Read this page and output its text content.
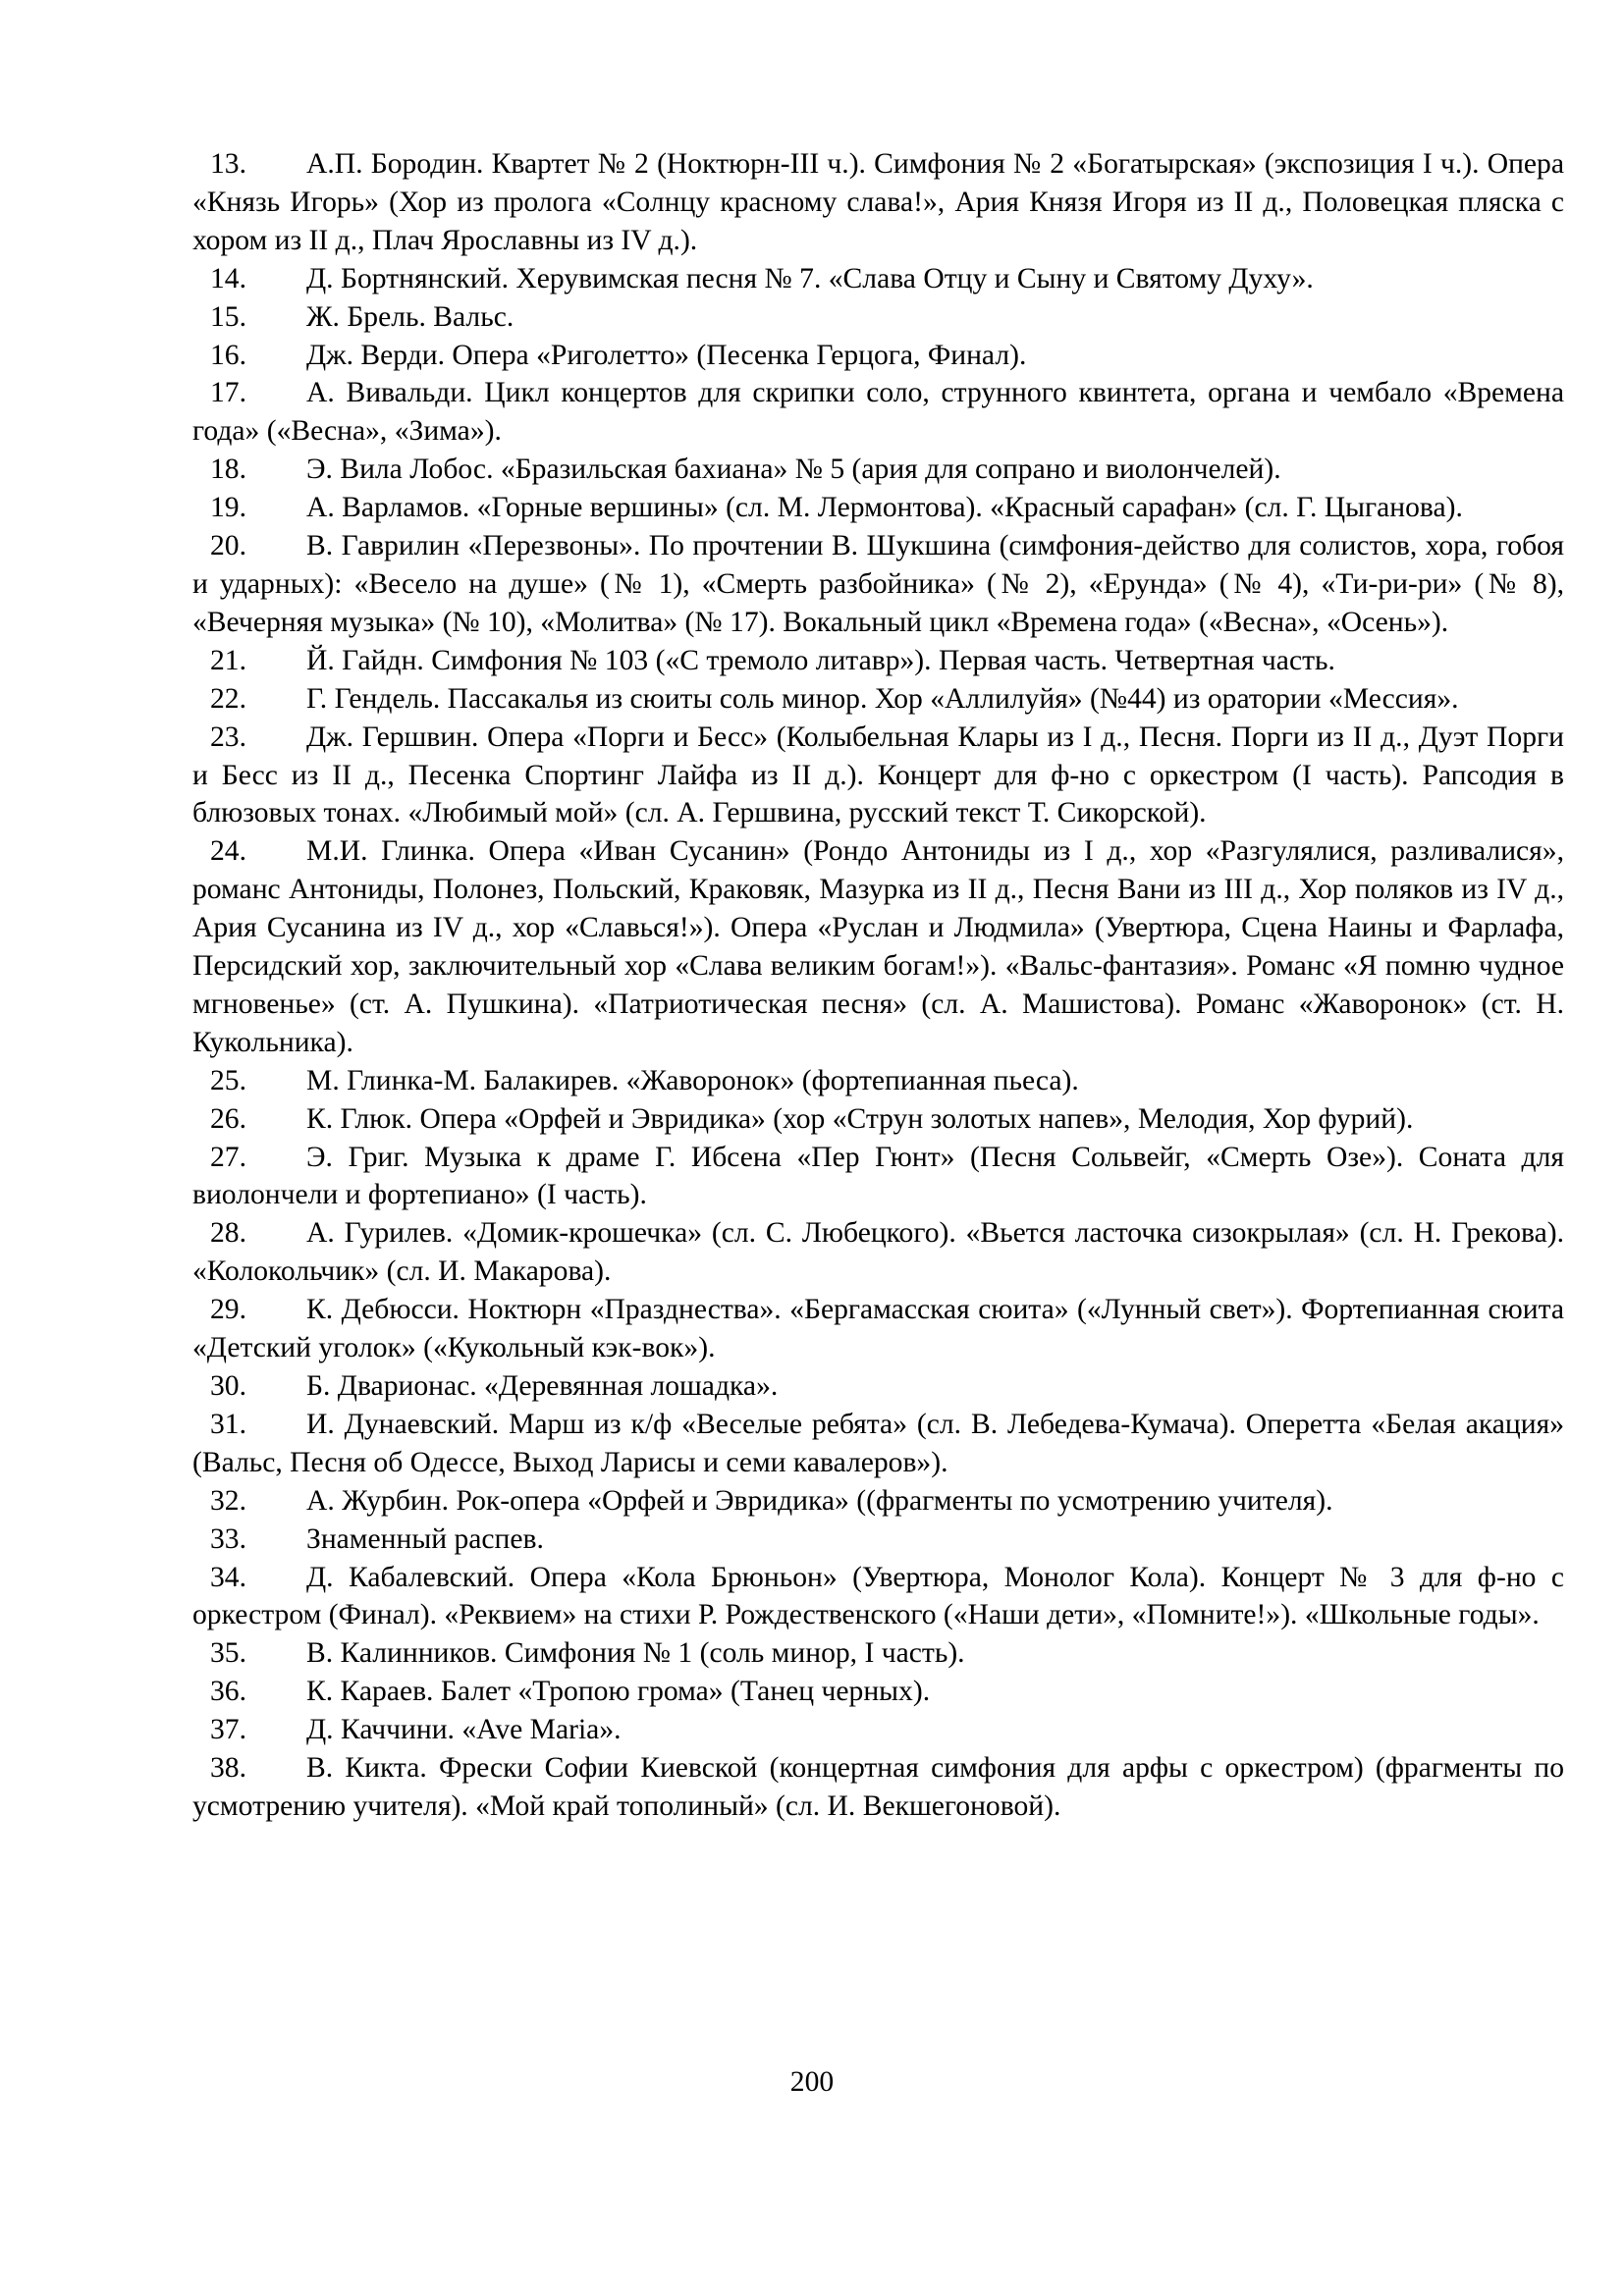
13. А.П. Бородин. Квартет № 2 (Ноктюрн-III ч.). Симфония № 2 «Богатырская» (экспозиция I ч.). Опера «Князь Игорь» (Хор из пролога «Солнцу красному слава!», Ария Князя Игоря из II д., Половецкая пляска с хором из II д., Плач Ярославны из IV д.).

14. Д. Бортнянский. Херувимская песня № 7. «Слава Отцу и Сыну и Святому Духу».

15. Ж. Брель. Вальс.

16. Дж. Верди. Опера «Риголетто» (Песенка Герцога, Финал).

17. А. Вивальди. Цикл концертов для скрипки соло, струнного квинтета, органа и чембало «Времена года» («Весна», «Зима»).

18. Э. Вила Лобос. «Бразильская бахиана» № 5 (ария для сопрано и виолончелей).

19. А. Варламов. «Горные вершины» (сл. М. Лермонтова). «Красный сарафан» (сл. Г. Цыганова).

20. В. Гаврилин «Перезвоны». По прочтении В. Шукшина (симфония-действо для солистов, хора, гобоя и ударных): «Весело на душе» (№ 1), «Смерть разбойника» (№ 2), «Ерунда» (№ 4), «Ти-ри-ри» (№ 8), «Вечерняя музыка» (№ 10), «Молитва» (№ 17). Вокальный цикл «Времена года» («Весна», «Осень»).

21. Й. Гайдн. Симфония № 103 («С тремоло литавр»). Первая часть. Четвертная часть.

22. Г. Гендель. Пассакалья из сюиты соль минор. Хор «Аллилуйя» (№44) из оратории «Мессия».

23. Дж. Гершвин. Опера «Порги и Бесс» (Колыбельная Клары из I д., Песня. Порги из II д., Дуэт Порги и Бесс из II д., Песенка Спортинг Лайфа из II д.). Концерт для ф-но с оркестром (I часть). Рапсодия в блюзовых тонах. «Любимый мой» (сл. А. Гершвина, русский текст Т. Сикорской).

24. М.И. Глинка. Опера «Иван Сусанин» (Рондо Антониды из I д., хор «Разгулялися, разливалися», романс Антониды, Полонез, Польский, Краковяк, Мазурка из II д., Песня Вани из III д., Хор поляков из IV д., Ария Сусанина из IV д., хор «Славься!»). Опера «Руслан и Людмила» (Увертюра, Сцена Наины и Фарлафа, Персидский хор, заключительный хор «Слава великим богам!»). «Вальс-фантазия». Романс «Я помню чудное мгновенье» (ст. А. Пушкина). «Патриотическая песня» (сл. А. Машистова). Романс «Жаворонок» (ст. Н. Кукольника).

25. М. Глинка-М. Балакирев. «Жаворонок» (фортепианная пьеса).

26. К. Глюк. Опера «Орфей и Эвридика» (хор «Струн золотых напев», Мелодия, Хор фурий).

27. Э. Григ. Музыка к драме Г. Ибсена «Пер Гюнт» (Песня Сольвейг, «Смерть Озе»). Соната для виолончели и фортепиано» (I часть).

28. А. Гурилев. «Домик-крошечка» (сл. С. Любецкого). «Вьется ласточка сизокрылая» (сл. Н. Грекова). «Колокольчик» (сл. И. Макарова).

29. К. Дебюсси. Ноктюрн «Празднества». «Бергамасская сюита» («Лунный свет»). Фортепианная сюита «Детский уголок» («Кукольный кэк-вок»).

30. Б. Дварионас. «Деревянная лошадка».

31. И. Дунаевский. Марш из к/ф «Веселые ребята» (сл. В. Лебедева-Кумача). Оперетта «Белая акация» (Вальс, Песня об Одессе, Выход Ларисы и семи кавалеров»).

32. А. Журбин. Рок-опера «Орфей и Эвридика» ((фрагменты по усмотрению учителя).

33. Знаменный распев.

34. Д. Кабалевский. Опера «Кола Брюньон» (Увертюра, Монолог Кола). Концерт № 3 для ф-но с оркестром (Финал). «Реквием» на стихи Р. Рождественского («Наши дети», «Помните!»). «Школьные годы».

35. В. Калинников. Симфония № 1 (соль минор, I часть).

36. К. Караев. Балет «Тропою грома» (Танец черных).

37. Д. Каччини. «Ave Maria».

38. В. Кикта. Фрески Софии Киевской (концертная симфония для арфы с оркестром) (фрагменты по усмотрению учителя). «Мой край тополиный» (сл. И. Векшегоновой).

200
